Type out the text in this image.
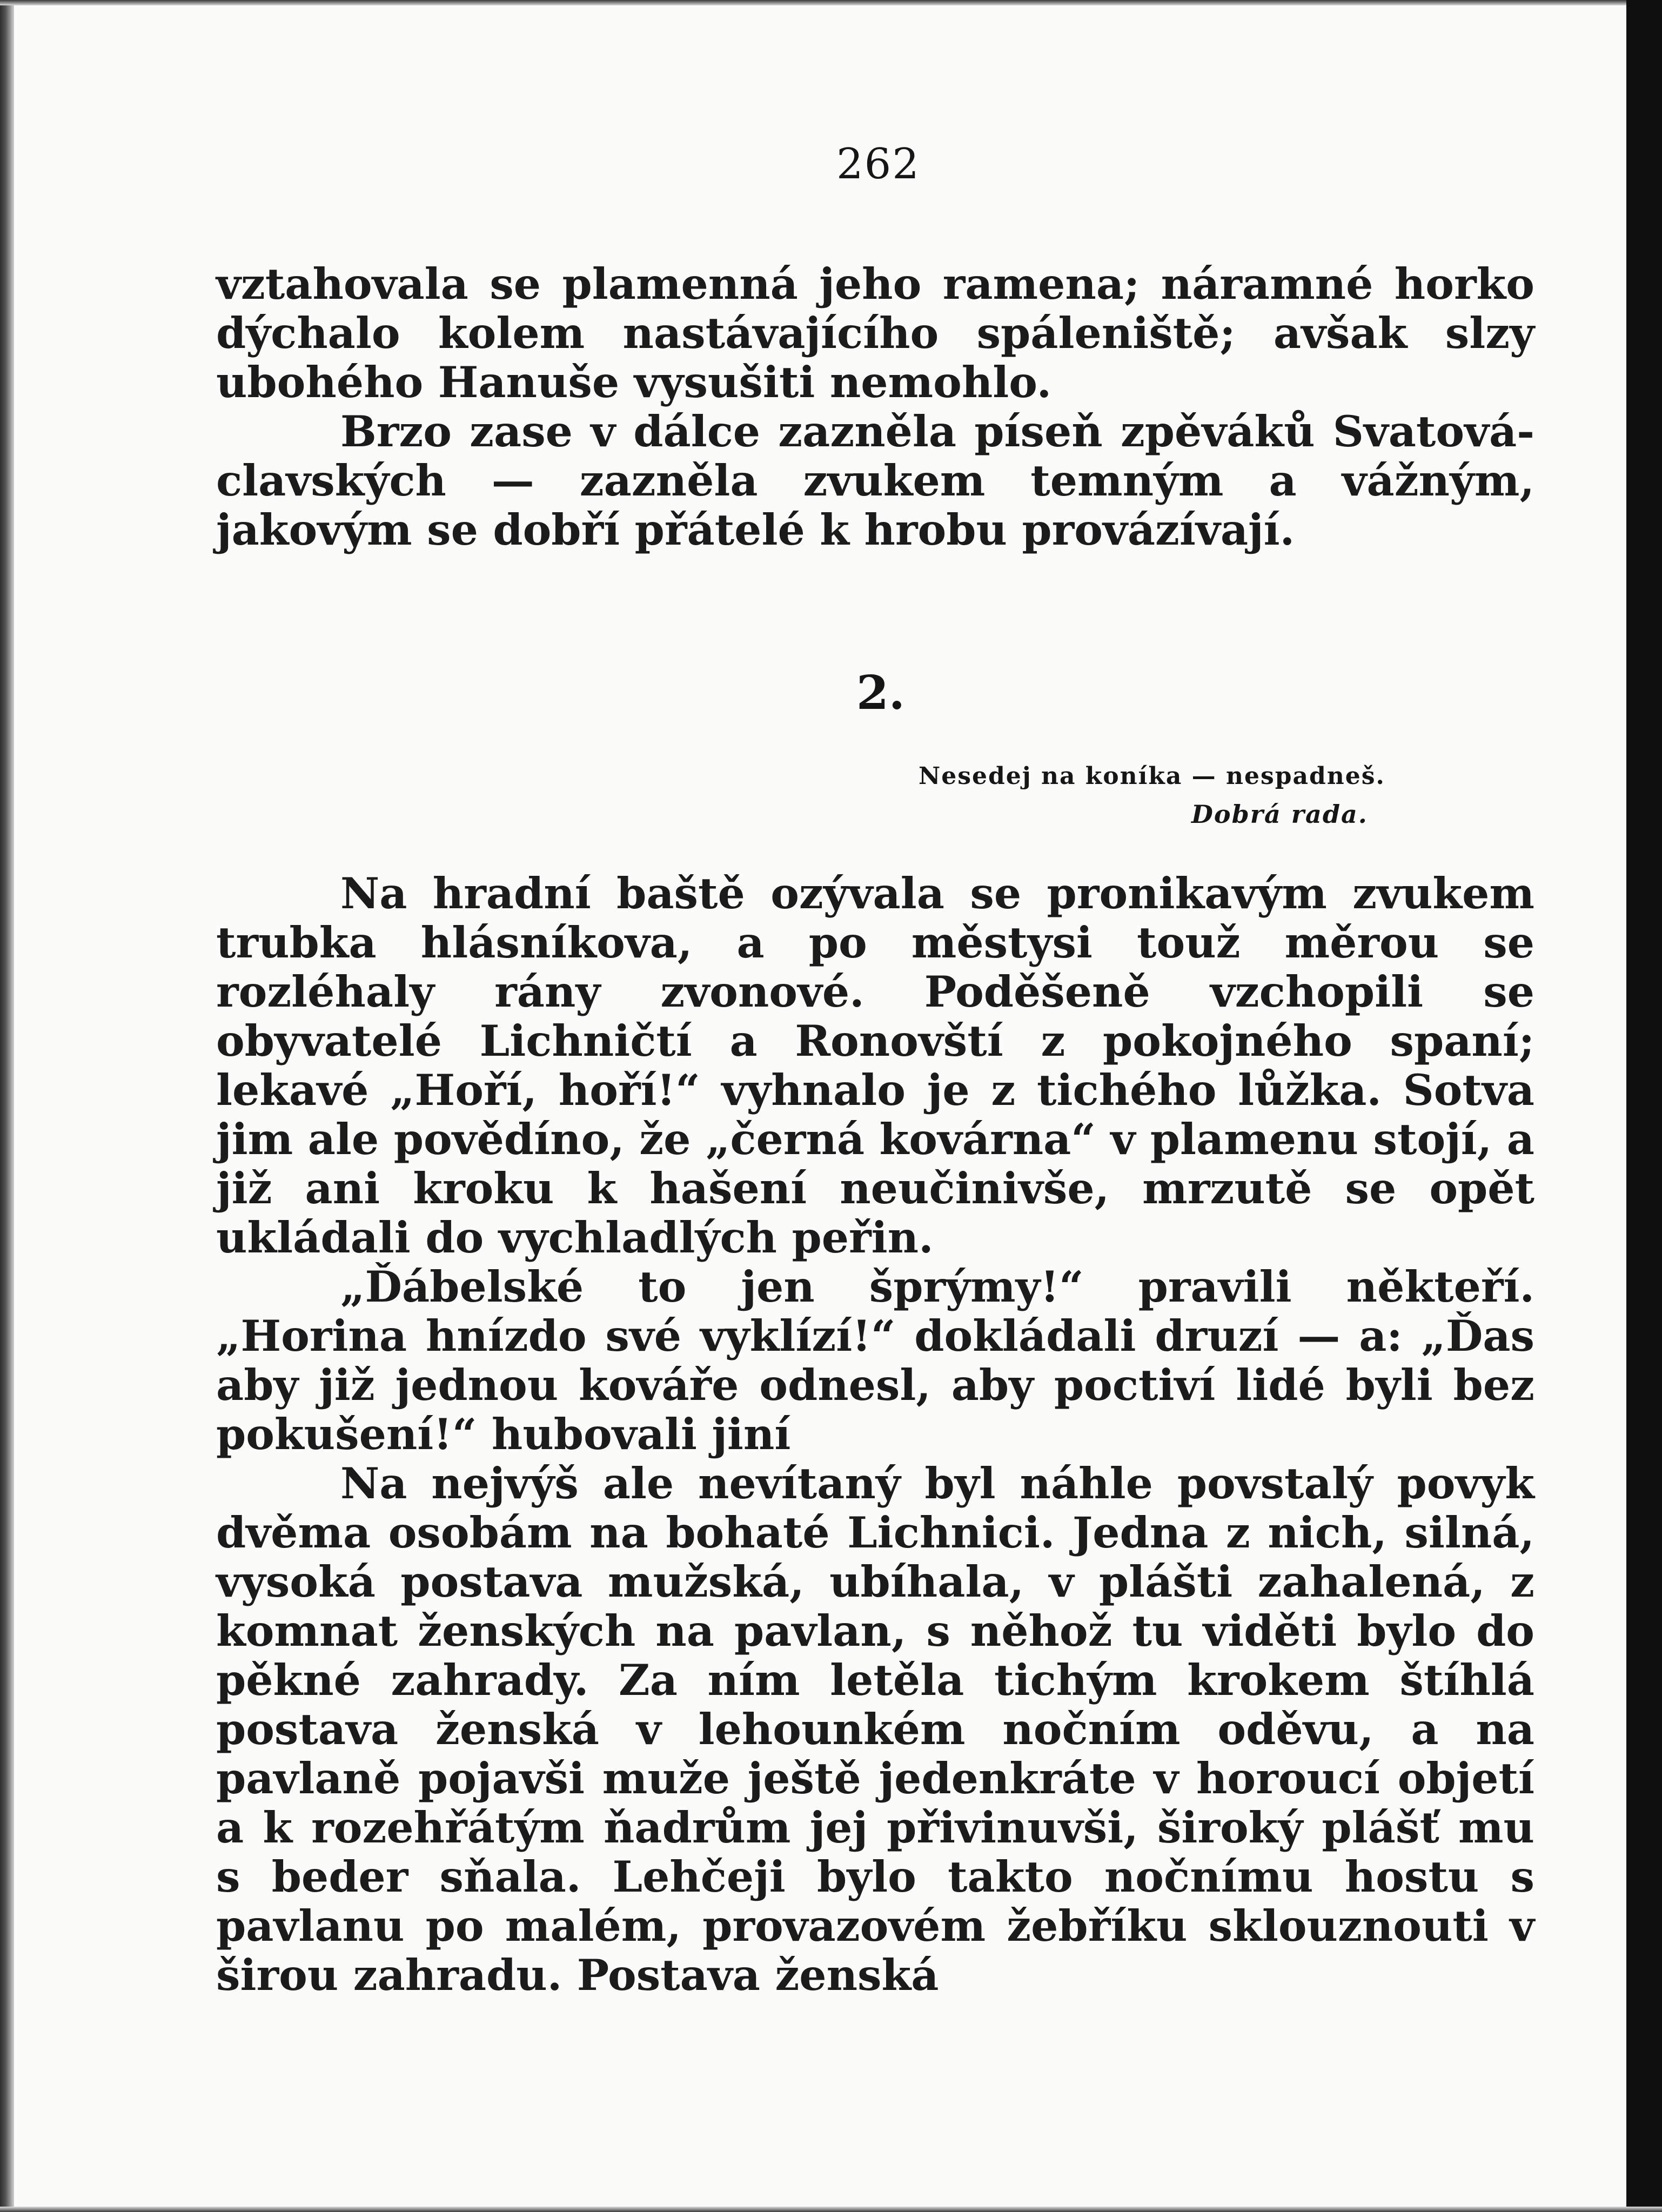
262

vztahovala se plamenná jeho ramena; náramné horko dýchalo kolem nastávajícího spáleniště; avšak slzy ubohého Hanuše vysušiti nemohlo.

Brzo zase v dálce zazněla píseň zpěváků Svatováclavských — zazněla zvukem temným a vážným, jakovým se dobří přátelé k hrobu provázívají.

2.
Nesedej na koníka — nespadneš.
Dobrá rada.

Na hradní baště ozývala se pronikavým zvukem trubka hlásníkova, a po městysi touž měrou se rozléhaly rány zvonové. Poděšeně vzchopili se obyvatelé Lichničtí a Ronovští z pokojného spaní; lekavé „Hoří, hoří!“ vyhnalo je z tichého lůžka. Sotva jim ale povědíno, že „černá kovárna“ v plamenu stojí, a již ani kroku k hašení neučinivše, mrzutě se opět ukládali do vychladlých peřin.

„Ďábelské to jen šprýmy!“ pravili někteří. „Horina hnízdo své vyklízí!“ dokládali druzí — a: „Ďas aby již jednou kováře odnesl, aby poctiví lidé byli bez pokušení!“ hubovali jiní

Na nejvýš ale nevítaný byl náhle povstalý povyk dvěma osobám na bohaté Lichnici. Jedna z nich, silná, vysoká postava mužská, ubíhala, v plášti zahalená, z komnat ženských na pavlan, s něhož tu viděti bylo do pěkné zahrady. Za ním letěla tichým krokem štíhlá postava ženská v lehounkém nočním oděvu, a na pavlaně pojavši muže ještě jedenkráte v horoucí objetí a k rozehřátým ňadrům jej přivinuvši, široký plášť mu s beder sňala. Lehčeji bylo takto nočnímu hostu s pavlanu po malém, provazovém žebříku sklouznouti v širou zahradu. Postava ženská
